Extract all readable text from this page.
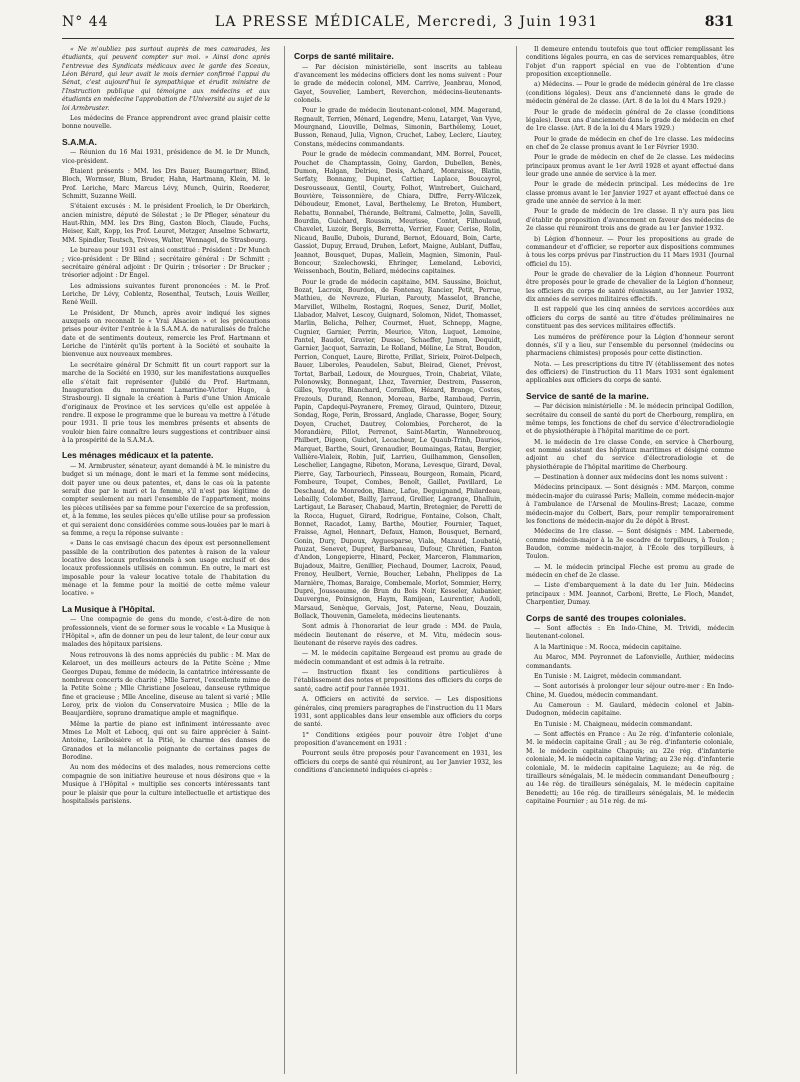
N° 44	LA PRESSE MÉDICALE, Mercredi, 3 Juin 1931	831

« Ne m'oubliez pas surtout auprès de mes camarades, les étudiants, qui peuvent compter sur moi. » Ainsi donc après l'entrevue des Syndicats médicaux avec le garde des Sceaux, Léon Bérard, qui leur avait le mois dernier confirmé l'appui du Sénat, c'est aujourd'hui le sympathique et érudit ministre de l'Instruction publique qui témoigne aux médecins et aux étudiants en médecine l'approbation de l'Université au sujet de la loi Armbruster.

Les médecins de France apprendront avec grand plaisir cette bonne nouvelle.

S.A.M.A.

— Réunion du 16 Mai 1931, présidence de M. le Dr Munch, vice-président.

Étaient présents : MM. les Drs Bauer, Baumgartner, Blind, Bloch, Wormser, Blum, Bruder, Hahn, Hartmann, Klein, M. le Prof. Leriche, Marc Marcus Lévy, Munch, Quirin, Roederer, Schmitt, Suzanne Weill.

S'étaient excusés : M. le président Froelich, le Dr Oberkirch, ancien ministre, député de Sélestat ; le Dr Pfleger, sénateur du Haut-Rhin, MM. les Drs Bing, Gaston Bloch, Claude, Fuchs, Heiser, Kalt, Kopp, les Prof. Leuret, Metzger, Anselme Schwartz, MM. Spindler, Teutsch, Trèves, Walter, Wennagel, de Strasbourg.

Le bureau pour 1931 est ainsi constitué : Président : Dr Munch ; vice-président : Dr Blind ; secrétaire général : Dr Schmitt ; secrétaire général adjoint : Dr Quirin ; trésorier : Dr Brucker ; trésorier adjoint : Dr Engel.

Les admissions suivantes furent prononcées : M. le Prof. Leriche, Dr Lévy, Coblentz, Rosenthal, Teutsch, Louis Weiller, René Weill.

Le Président, Dr Munch, après avoir indiqué les signes auxquels on reconnaît le « Vrai Alsacien » et les précautions prises pour éviter l'entrée à la S.A.M.A. de naturalisés de fraîche date et de sentiments douteux, remercie les Prof. Hartmann et Leriche de l'intérêt qu'ils portent à la Société et souhaite la bienvenue aux nouveaux membres.

Le secrétaire général Dr Schmitt fit un court rapport sur la marche de la Société en 1930, sur les manifestations auxquelles elle s'était fait représenter (Jubilé du Prof. Hartmann, Inauguration du monument Lamartine-Victor Hugo, à Strasbourg). Il signale la création à Paris d'une Union Amicale d'originaux de Province et les services qu'elle est appelée à rendre. Il expose le programme que le bureau va mettre à l'étude pour 1931. Il prie tous les membres présents et absents de vouloir bien faire connaître leurs suggestions et contribuer ainsi à la prospérité de la S.A.M.A.

Les ménages médicaux et la patente.

— M. Armbruster, sénateur, ayant demandé à M. le ministre du budget si un ménage, dont le mari et la femme sont médecins, doit payer une ou deux patentes, et, dans le cas où la patente serait due par le mari et la femme, s'il n'est pas légitime de compter seulement au mari l'ensemble de l'appartement, moins les pièces utilisées par sa femme pour l'exercice de sa profession, et, à la femme, les seules pièces qu'elle utilise pour sa profession et qui seraient donc considérées comme sous-louées par le mari à sa femme, a reçu la réponse suivante :

« Dans le cas envisagé chacun des époux est personnellement passible de la contribution des patentes à raison de la valeur locative des locaux professionnels à son usage exclusif et des locaux professionnels utilisés en commun. En outre, le mari est imposable pour la valeur locative totale de l'habitation du ménage et la femme pour la moitié de cette même valeur locative. »

La Musique à l'Hôpital.

— Une compagnie de gens du monde, c'est-à-dire de non professionnels, vient de se former sous le vocable « La Musique à l'Hôpital », afin de donner un peu de leur talent, de leur cœur aux malades des hôpitaux parisiens.

Nous retrouvons là des noms appréciés du public : M. Max de Kelaroet, un des meilleurs acteurs de la Petite Scène ; Mme Georges Dupau, femme de médecin, la cantatrice intéressante de nombreux concerts de charité ; Mlle Sarret, l'excellente mime de la Petite Scène ; Mlle Christiane Joseleau, danseuse rythmique fine et gracieuse ; Mlle Anceline, diseuse au talent si varié ; Mlle Leroy, prix de violon du Conservatoire Musica ; Mlle de la Beaujardière, soprano dramatique ample et magnifique.

Même la partie de piano est infiniment intéressante avec Mmes Le Molt et Lebocq, qui ont su faire apprécier à Saint-Antoine, Lariboisière et la Pitié, le charme des danses de Granados et la mélancolie poignante de certaines pages de Borodine.

Au nom des médecins et des malades, nous remercions cette compagnie de son initiative heureuse et nous désirons que « la Musique à l'Hôpital » multiplie ses concerts intéressants tant pour le plaisir que pour la culture intellectuelle et artistique des hospitalisés parisiens.

Corps de santé militaire.

— Par décision ministérielle, sont inscrits au tableau d'avancement les médecins officiers dont les noms suivent : Pour le grade de médecin colonel, MM. Carrive, Jeanbrau, Monod, Gayet, Souvelier, Lambert, Reverchon, médecins-lieutenants-colonels.

Pour le grade de médecin lieutenant-colonel, MM. Magerand, Regnault, Terrien, Ménard, Legendre, Menu, Latarget, Van Vyve, Mourgnand, Liouville, Delmas, Simonin, Barthélemy, Louet, Busson, Renaud, Julia, Vignon, Cruchet, Labey, Leclerc, Liautey, Constans, médecins commandants.

Pour le grade de médecin commandant, MM. Borrel, Poucet, Pouchet de Champtassin, Goiny, Gardon, Dubellen, Benès, Dumon, Halgan, Delrieu, Desis, Achard, Monraisse, Blatin, Serfaty, Bonnamy, Dupinet, Cattier, Laplace, Boucayrol, Desrousseaux, Gentil, Courty, Folhot, Wintrebert, Guichard, Bouvière, Teissonnière, de Chiara, Diffre, Ferry-Wilczek, Déboudeur, Emonet, Laval, Berthelemy, Le Breton, Humbert, Rebattu, Bonnabel, Thérande, Beltrami, Calmette, Jolin, Savelli, Bourdin, Guichard, Roussin, Meurisse, Contet, Filhoulaud, Chavelet, Luzoir, Bergis, Berretta, Verrier, Fauer, Cerise, Rolin, Nicaud, Baulle, Dubois, Durand, Bernot, Édouard, Boin, Carte, Gassiot, Dupuy, Erraud, Druhen, Lefort, Maigne, Aublant, Duffau, Jeannot, Bousquet, Dupas, Mallein, Magnien, Simonin, Paul-Boncour, Szelechowski, Ehringer, Lemeland, Lebovici, Weissenbach, Boutin, Beliard, médecins capitaines.

Pour le grade de médecin capitaine, MM. Saussine, Boichut, Bozat, Lacroix, Bourdon, de Fontenay, Rancier, Petit, Perrue, Mathieu, de Nevreze, Flurian, Parouty, Masselot, Branche, Marvillet, Wilhelm, Rostagni, Roques, Senez, Durif, Mollet, Llabador, Malvet, Lescoy, Guignard, Solomon, Nidet, Thomasset, Marlin, Belicha, Pelher, Courmet, Huet, Schnepp, Magne, Cugnier, Garnier, Perrin, Meurice, Viton, Luquet, Lemoine, Pantel, Baudot, Gravier, Dussac, Schaeffer, Jumon, Dequidt, Garnier, Jacquot, Sarrazin, Le Rolland, Méline, Le Strat, Boudon, Perrion, Conquet, Laure, Birotte, Frillat, Sirieix, Poirot-Delpech, Bauer, Liberoles, Peaudelen, Sabut, Bleirad, Gienet, Prévost, Tortat, Barbail, Ledoux, de Mourgues, Troin, Chabriat, Vilate, Polonowsky, Bonnegant, Lhez, Tavernier, Destrem, Passeron, Gilles, Yoyotte, Blanchard, Cornillon, Hézard, Brange, Costes, Frezouls, Durand, Rennon, Moreau, Barbe, Rambaud, Perrin, Papin, Capdequi-Peyranere, Fremey, Giraud, Quintero, Dizeur, Sondag, Roge, Perin, Brossard, Anglade, Charasse, Boger, Soury, Doyen, Cruchet, Dautrey, Colombies, Porcherot, de la Morandière, Pillot, Perrenot, Saint-Martin, Wannebroucq, Philbert, Digeon, Guichot, Lecacheur, Le Quaub-Trinh, Daurios, Marquet, Barthe, Souri, Grenaudier, Boumaingas, Ratau, Bergier, Vallière-Vialeix, Robin, Juif, Larrieu, Guilhammon, Gensollen, Leschelier, Langagne, Ribeton, Morana, Levesque, Girard, Deval, Pierre, Gay, Tarbouriech, Pinsseau, Bourgeon, Romain, Picard, Fombeure, Toupet, Combes, Benoît, Gaillet, Pavillard, Le Deschaud, de Monredon, Blanc, Lafue, Deguignand, Philardeau, Lebailly, Colombet, Bailly, Jarraud, Grellier, Lagrange, Dhalluin, Lartigaut, Le Baraser, Chabaud, Martin, Bretegnier, de Peretti de la Rocca, Huguet, Girard, Rodrigue, Fontaine, Colson, Chalt, Bonnet, Racadot, Lamy, Barthe, Moutier, Fournier, Taquet, Fraisse, Agnel, Hennart, Defaux, Hamon, Bousquet, Bernard, Gonin, Dury, Dupoux, Ayguesparse, Viala, Mazaud, Loubatié, Pauzat, Senevet, Dupret, Barbaneau, Dufour, Chrétien, Fanton d'Andon, Longepierre, Hinard, Pecker, Marceron, Flammarion, Bujadoux, Maitre, Genillier, Piechaud, Doumer, Lacroix, Peaud, Frenoy, Heulbert, Vernie, Boucher, Lebahn, Phelippes de La Marnière, Thomas, Baraige, Combemale, Morlot, Sommier, Herry, Dupré, Jousseaume, de Brun du Bois Noir, Kesseler, Aubanier, Dauvergne, Poinsignon, Haym, Ramijean, Laurentier, Audoli, Marsaud, Senèque, Gervais, Jost, Paterne, Neau, Douzain, Bollack, Thouvenin, Gameleta, médecins lieutenants.

Sont admis à l'honorariat de leur grade : MM. de Paula, médecin lieutenant de réserve, et M. Vitu, médecin sous-lieutenant de réserve rayés des cadres.

— M. le médecin capitaine Bergeaud est promu au grade de médecin commandant et est admis à la retraite.

— Instruction fixant les conditions particulières à l'établissement des notes et propositions des officiers du corps de santé, cadre actif pour l'année 1931.

A. Officiers en activité de service. — Les dispositions générales, cinq premiers paragraphes de l'instruction du 11 Mars 1931, sont applicables dans leur ensemble aux officiers du corps de santé.

1° Conditions exigées pour pouvoir être l'objet d'une proposition d'avancement en 1931 :

Pourront seuls être proposés pour l'avancement en 1931, les officiers du corps de santé qui réuniront, au 1er Janvier 1932, les conditions d'ancienneté indiquées ci-après :

Il demeure entendu toutefois que tout officier remplissant les conditions légales pourra, en cas de services remarquables, être l'objet d'un rapport spécial en vue de l'obtention d'une proposition exceptionnelle.

a) Médecins. — Pour le grade de médecin général de 1re classe (conditions légales). Deux ans d'ancienneté dans le grade de médecin général de 2e classe. (Art. 8 de la loi du 4 Mars 1929.)

Pour le grade de médecin général de 2e classe (conditions légales). Deux ans d'ancienneté dans le grade de médecin en chef de 1re classe. (Art. 8 de la loi du 4 Mars 1929.)

Pour le grade de médecin en chef de 1re classe. Les médecins en chef de 2e classe promus avant le 1er Février 1930.

Pour le grade de médecin en chef de 2e classe. Les médecins principaux promus avant le 1er Avril 1928 et ayant effectué dans leur grade une année de service à la mer.

Pour le grade de médecin principal. Les médecins de 1re classe promus avant le 1er Janvier 1927 et ayant effectué dans ce grade une année de service à la mer.

Pour le grade de médecin de 1re classe. Il n'y aura pas lieu d'établir de proposition d'avancement en faveur des médecins de 2e classe qui réuniront trois ans de grade au 1er Janvier 1932.

b) Légion d'honneur. — Pour les propositions au grade de commandeur et d'officier, se reporter aux dispositions communes à tous les corps prévus par l'instruction du 11 Mars 1931 (Journal officiel du 15).

Pour le grade de chevalier de la Légion d'honneur. Pourront être proposés pour le grade de chevalier de la Légion d'honneur, les officiers du corps de santé réunissant, au 1er Janvier 1932, dix années de services militaires effectifs.

Il est rappelé que les cinq années de services accordées aux officiers du corps de santé au titre d'études préliminaires ne constituent pas des services militaires effectifs.

Les numéros de préférence pour la Légion d'honneur seront donnés, s'il y a lieu, sur l'ensemble du personnel (médecins ou pharmaciens chimistes) proposés pour cette distinction.

Nota. — Les prescriptions du titre IV (établissement des notes des officiers) de l'instruction du 11 Mars 1931 sont également applicables aux officiers du corps de santé.

Service de santé de la marine.

— Par décision ministérielle : M. le médecin principal Godillon, secrétaire du conseil de santé du port de Cherbourg, remplira, en même temps, les fonctions de chef du service d'électroradiologie et de physiothérapie à l'hôpital maritime de ce port.

M. le médecin de 1re classe Conde, en service à Cherbourg, est nommé assistant des hôpitaux maritimes et désigné comme adjoint au chef du service d'électroradiologie et de physiothérapie de l'hôpital maritime de Cherbourg.

— Destination à donner aux médecins dont les noms suivent :

Médecins principaux. — Sont désignés : MM. Marçon, comme médecin-major du cuirassé Paris; Mallein, comme médecin-major à l'ambulance de l'Arsenal de Moulins-Brest; Lacaze, comme médecin-major du Colbert, Bars, pour remplir temporairement les fonctions de médecin-major du 2e dépôt à Brest.

Médecins de 1re classe. — Sont désignés : MM. Labernede, comme médecin-major à la 3e escadre de torpilleurs, à Toulon ; Baudon, comme médecin-major, à l'École des torpilleurs, à Toulon.

— M. le médecin principal Fleche est promu au grade de médecin en chef de 2e classe.

— Liste d'embarquement à la date du 1er Juin. Médecins principaux : MM. Jeannot, Carboni, Brette, Le Floch, Mandet, Charpentier, Dumay.

Corps de santé des troupes coloniales.

— Sont affectés : En Indo-Chine, M. Trividi, médecin lieutenant-colonel.

A la Martinique : M. Rocca, médecin capitaine.

Au Maroc, MM. Peyronnet de Lafonvielle, Authier, médecins commandants.

En Tunisie : M. Laigret, médecin commandant.

— Sont autorisés à prolonger leur séjour outre-mer : En Indo-Chine, M. Guedou, médecin commandant.

Au Cameroun : M. Gaulard, médecin colonel et Jabin-Dudognon, médecin capitaine.

En Tunisie : M. Chaigneau, médecin commandant.

— Sont affectés en France : Au 2e rég. d'infanterie coloniale, M. le médecin capitaine Grall ; au 3e rég. d'infanterie coloniale, M. le médecin capitaine Chapuis; au 22e rég. d'infanterie coloniale, M. le médecin capitaine Varing; au 23e rég. d'infanterie coloniale, M. le médecin capitaine Laquieze; au 4e rég. de tirailleurs sénégalais, M. le médecin commandant Deneufbourg ; au 14e rég. de tirailleurs sénégalais, M. le médecin capitaine Benedetti; au 16e rég. de tirailleurs sénégalais, M. le médecin capitaine Fournier ; au 51e rég. de mi-
